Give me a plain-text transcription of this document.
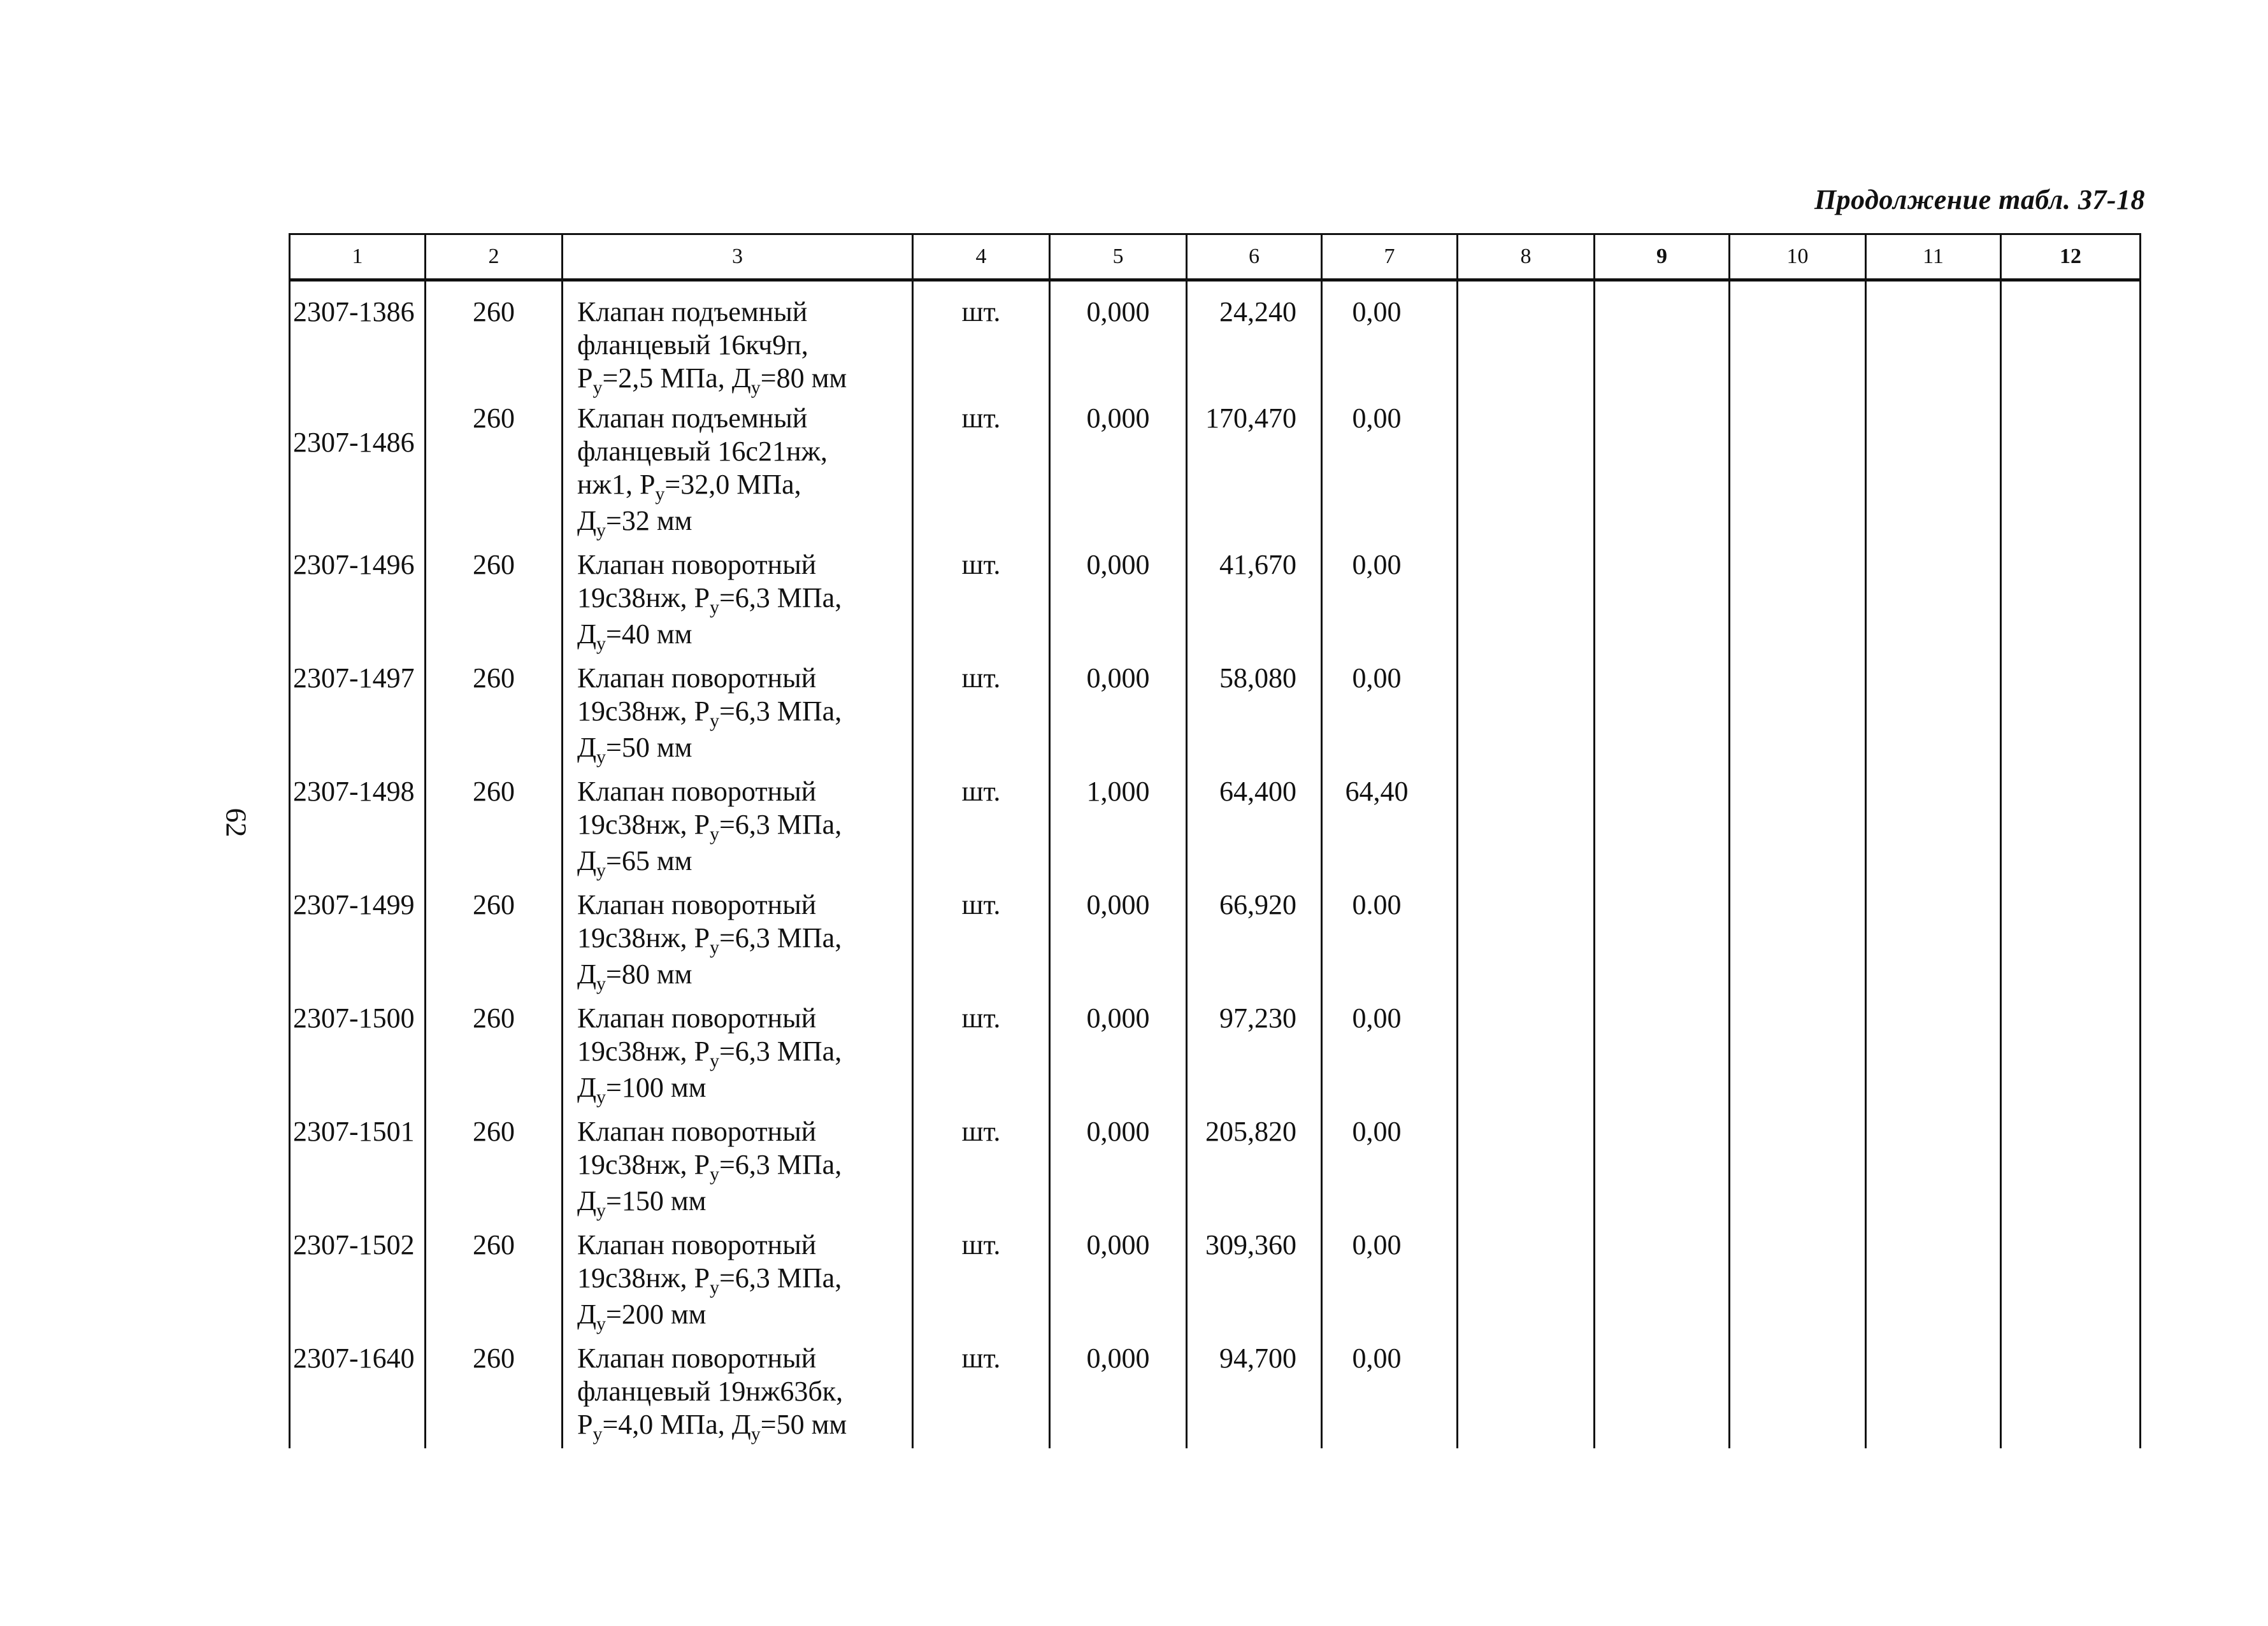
Продолжение табл. 37-18
62
1	2	3	4	5	6	7	8	9	10	11	12
2307-1386	260	Клапан подъемный
фланцевый 16кч9п,
$Р_у=2,5$ МПа, $Д_у=80$ мм	шт.	0,000	24,240	0,00					
2307-1486	260	Клапан подъемный
фланцевый 16с21нж,
нж1, $Р_у=32,0$ МПа,
$Д_у=32$ мм	шт.	0,000	170,470	0,00					
2307-1496	260	Клапан поворотный
19с38нж, $Р_у=6,3$ МПа,
$Д_у=40$ мм	шт.	0,000	41,670	0,00					
2307-1497	260	Клапан поворотный
19с38нж, $Р_у=6,3$ МПа,
$Д_у=50$ мм	шт.	0,000	58,080	0,00					
2307-1498	260	Клапан поворотный
19с38нж, $Р_у=6,3$ МПа,
$Д_у=65$ мм	шт.	1,000	64,400	64,40					
2307-1499	260	Клапан поворотный
19с38нж, $Р_у=6,3$ МПа,
$Д_у=80$ мм	шт.	0,000	66,920	0.00					
2307-1500	260	Клапан поворотный
19с38нж, $Р_у=6,3$ МПа,
$Д_у=100$ мм	шт.	0,000	97,230	0,00					
2307-1501	260	Клапан поворотный
19с38нж, $Р_у=6,3$ МПа,
$Д_у=150$ мм	шт.	0,000	205,820	0,00					
2307-1502	260	Клапан поворотный
19с38нж, $Р_у=6,3$ МПа,
$Д_у=200$ мм	шт.	0,000	309,360	0,00					
2307-1640	260	Клапан поворотный
фланцевый 19нж63бк,
$Р_у=4,0$ МПа, $Д_у=50$ мм	шт.	0,000	94,700	0,00					
